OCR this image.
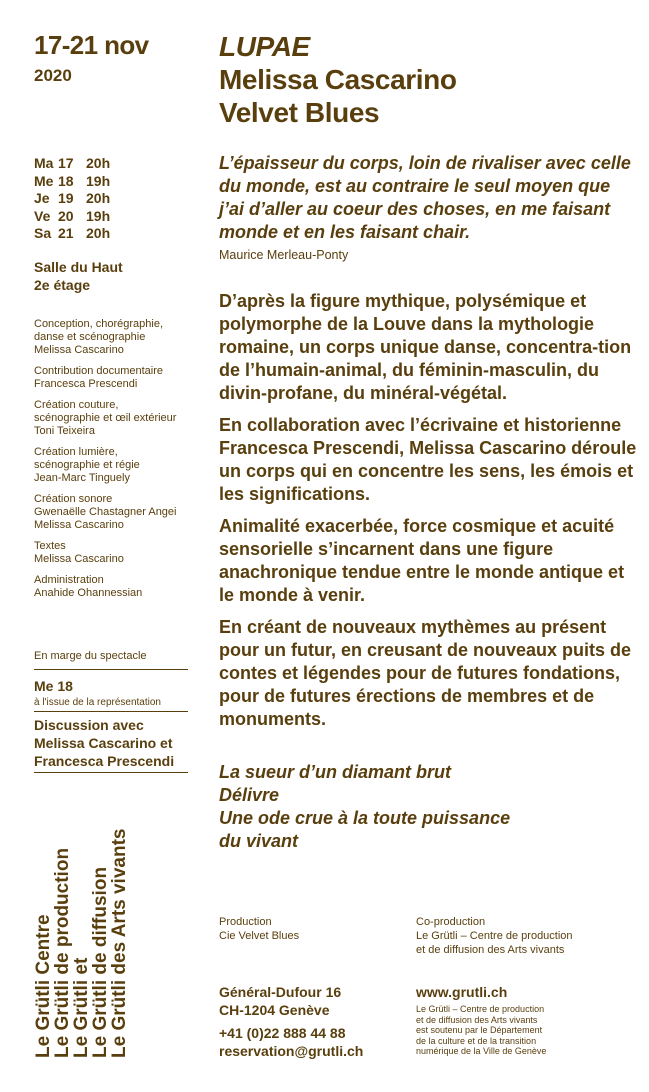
17-21 nov
2020
Ma 17 20h
Me 18 19h
Je 19 20h
Ve 20 19h
Sa 21 20h
Salle du Haut
2e étage
Conception, chorégraphie,
danse et scénographie
Melissa Cascarino
Contribution documentaire
Francesca Prescendi
Création couture,
scénographie et œil extérieur
Toni Teixeira
Création lumière,
scénographie et régie
Jean-Marc Tinguely
Création sonore
Gwenaëlle Chastagner Angei
Melissa Cascarino
Textes
Melissa Cascarino
Administration
Anahide Ohannessian
En marge du spectacle
Me 18
à l'issue de la représentation
Discussion avec
Melissa Cascarino et
Francesca Prescendi
Le Grütli Centre
Le Grütli de production
Le Grütli et
Le Grütli de diffusion
Le Grütli des Arts vivants
LUPAE
Melissa Cascarino
Velvet Blues
L’épaisseur du corps, loin de rivaliser avec celle du monde, est au contraire le seul moyen que j’ai d’aller au coeur des choses, en me faisant monde et en les faisant chair.
Maurice Merleau-Ponty

D’après la figure mythique, polysémique et polymorphe de la Louve dans la mythologie romaine, un corps unique danse, concentra-tion de l’humain-animal, du féminin-masculin, du divin-profane, du minéral-végétal.

En collaboration avec l’écrivaine et historienne Francesca Prescendi, Melissa Cascarino déroule un corps qui en concentre les sens, les émois et les significations.

Animalité exacerbée, force cosmique et acuité sensorielle s’incarnent dans une figure anachronique tendue entre le monde antique et le monde à venir.

En créant de nouveaux mythèmes au présent pour un futur, en creusant de nouveaux puits de contes et légendes pour de futures fondations, pour de futures érections de membres et de monuments.

La sueur d’un diamant brut
Délivre
Une ode crue à la toute puissance
du vivant
Production
Cie Velvet Blues
Co-production
Le Grütli – Centre de production
et de diffusion des Arts vivants
Général-Dufour 16
CH-1204 Genève
+41 (0)22 888 44 88
reservation@grutli.ch
www.grutli.ch
Le Grütli – Centre de production
et de diffusion des Arts vivants
est soutenu par le Département
de la culture et de la transition
numérique de la Ville de Genève
